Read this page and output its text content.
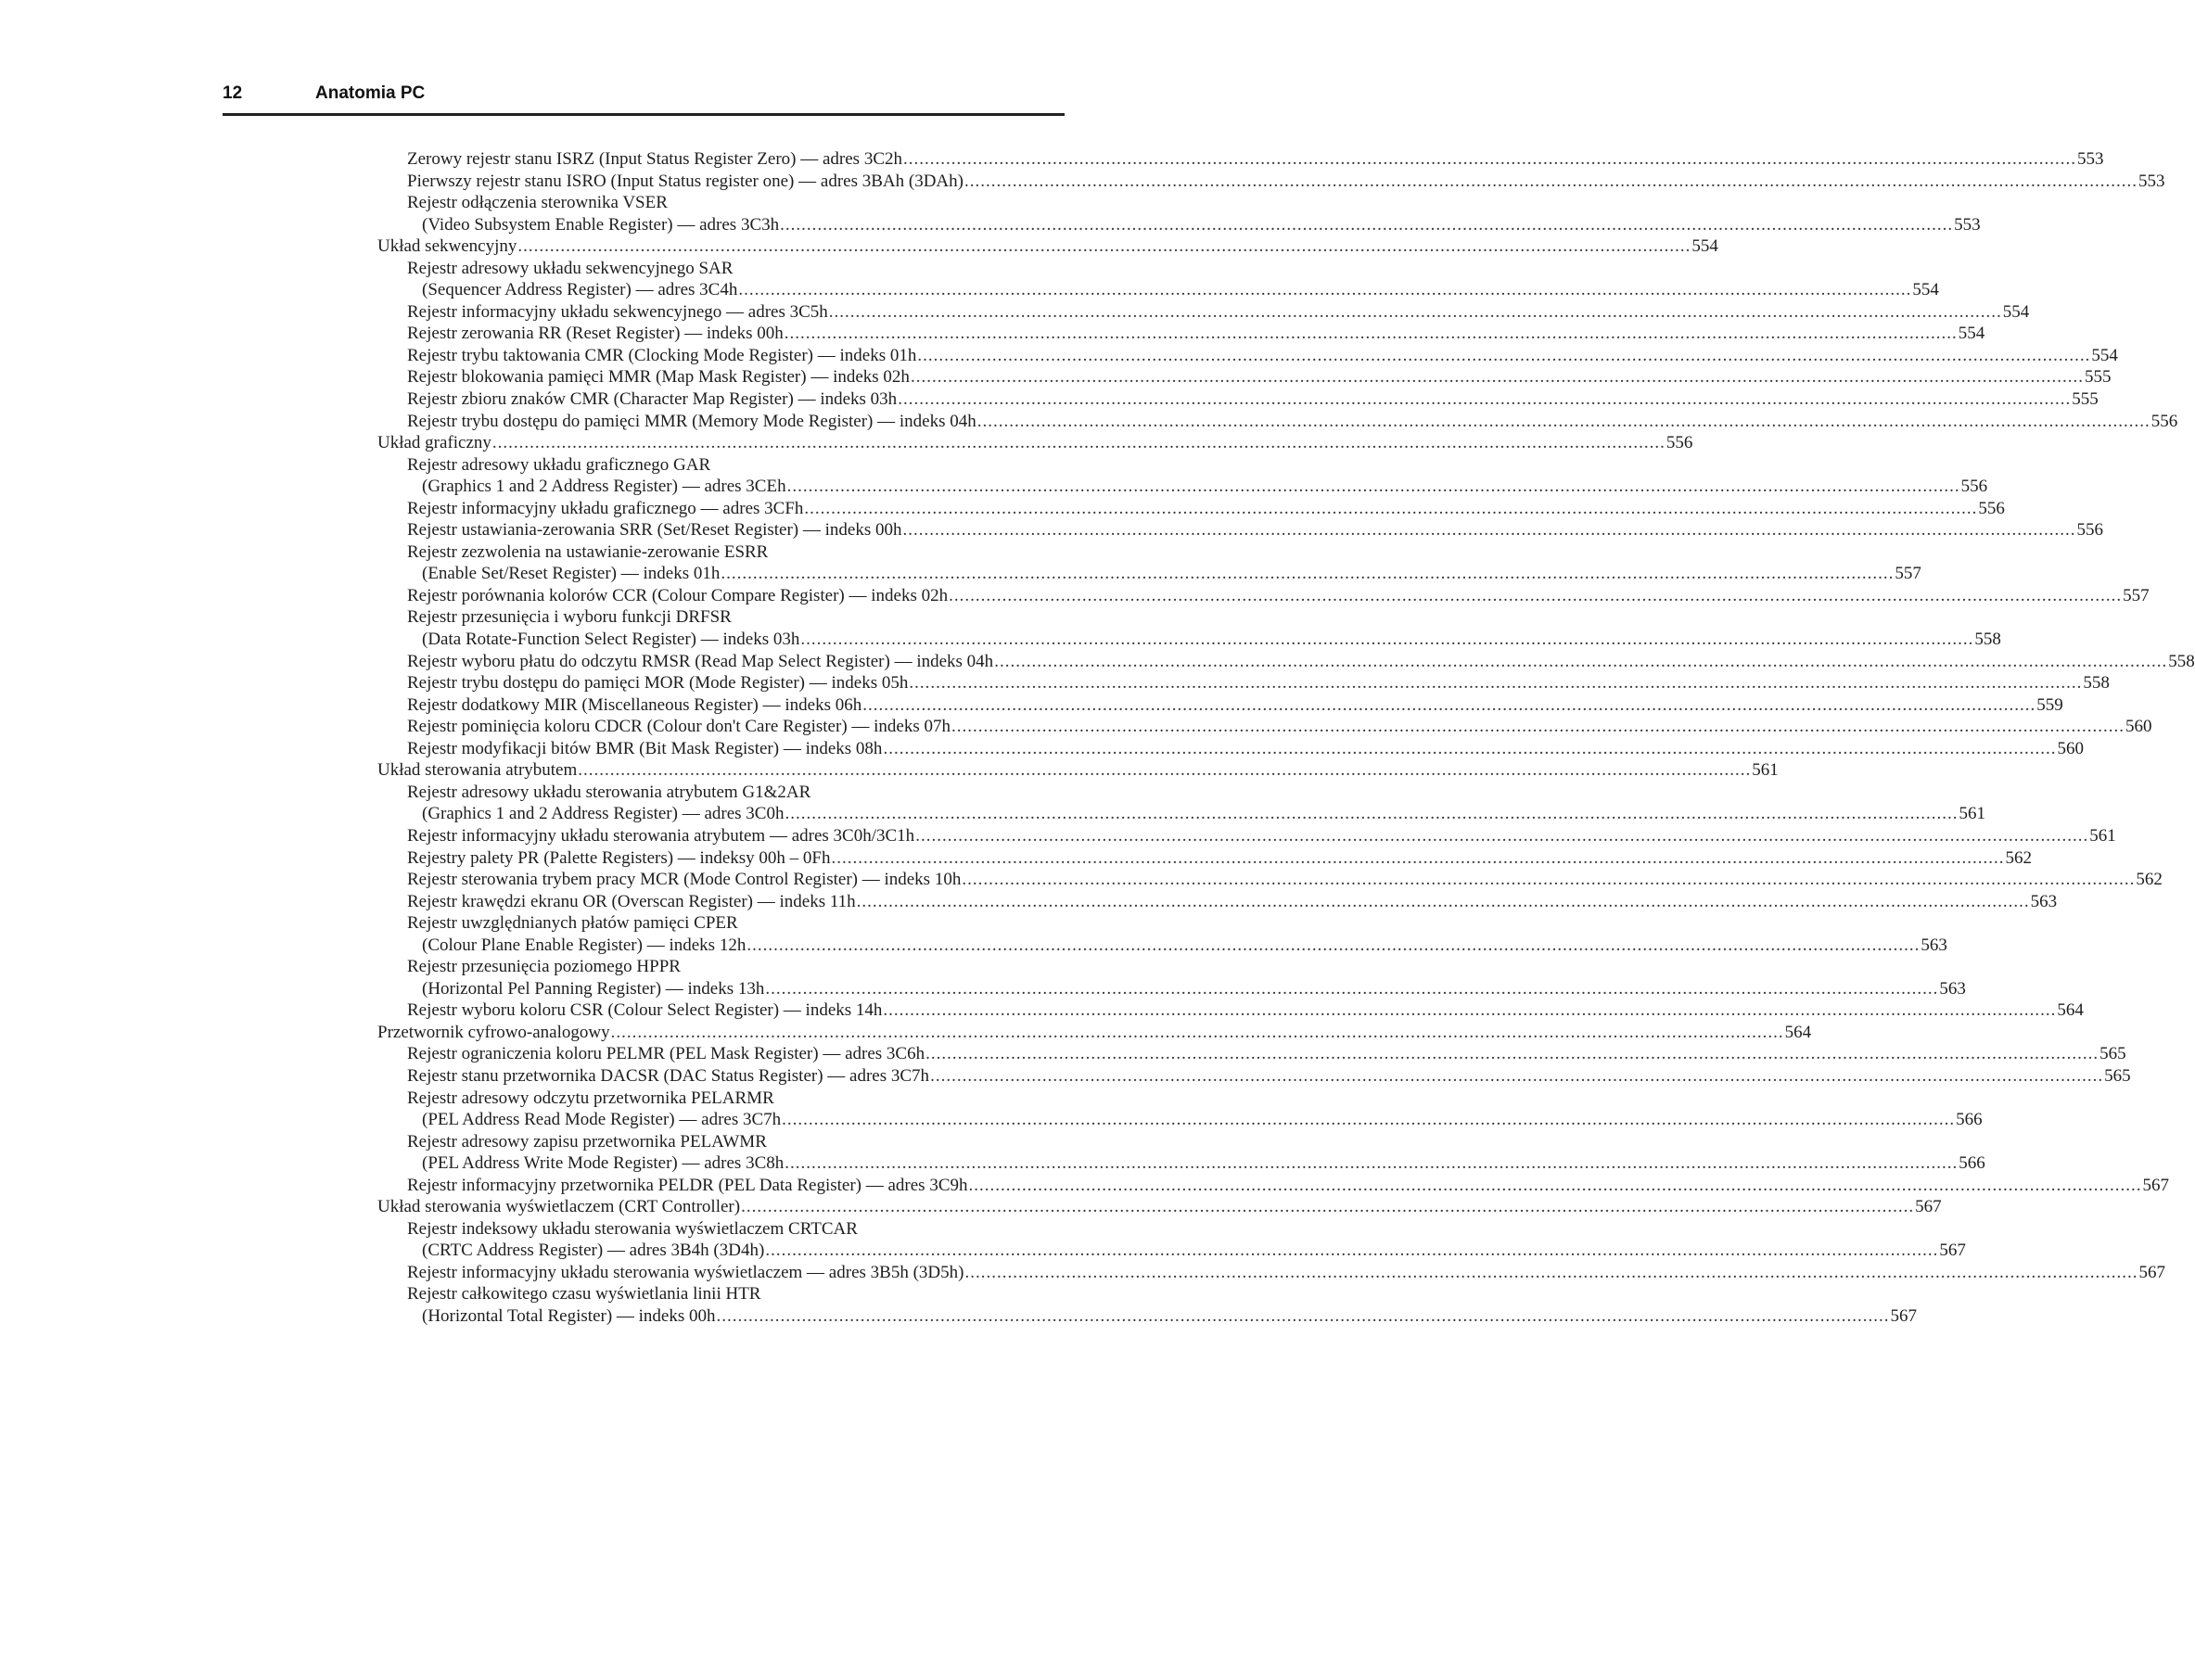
12	Anatomia PC
Zerowy rejestr stanu ISRZ (Input Status Register Zero) — adres 3C2h ............................................................................................................................................................................................................................ 553
Pierwszy rejestr stanu ISRO (Input Status register one) — adres 3BAh (3DAh) ............................................................................................................................................................................................................................ 553
Rejestr odłączenia sterownika VSER
(Video Subsystem Enable Register) — adres 3C3h ............................................................................................................................................................................................................................ 553
Układ sekwencyjny ............................................................................................................................................................................................................................ 554
Rejestr adresowy układu sekwencyjnego SAR
(Sequencer Address Register) — adres 3C4h ............................................................................................................................................................................................................................ 554
Rejestr informacyjny układu sekwencyjnego — adres 3C5h ............................................................................................................................................................................................................................ 554
Rejestr zerowania RR (Reset Register) — indeks 00h ............................................................................................................................................................................................................................ 554
Rejestr trybu taktowania CMR (Clocking Mode Register) — indeks 01h ............................................................................................................................................................................................................................ 554
Rejestr blokowania pamięci MMR (Map Mask Register) — indeks 02h ............................................................................................................................................................................................................................ 555
Rejestr zbioru znaków CMR (Character Map Register) — indeks 03h ............................................................................................................................................................................................................................ 555
Rejestr trybu dostępu do pamięci MMR (Memory Mode Register) — indeks 04h ............................................................................................................................................................................................................................ 556
Układ graficzny ............................................................................................................................................................................................................................ 556
Rejestr adresowy układu graficznego GAR
(Graphics 1 and 2 Address Register) — adres 3CEh ............................................................................................................................................................................................................................ 556
Rejestr informacyjny układu graficznego — adres 3CFh ............................................................................................................................................................................................................................ 556
Rejestr ustawiania-zerowania SRR (Set/Reset Register) — indeks 00h ............................................................................................................................................................................................................................ 556
Rejestr zezwolenia na ustawianie-zerowanie ESRR
(Enable Set/Reset Register) — indeks 01h ............................................................................................................................................................................................................................ 557
Rejestr porównania kolorów CCR (Colour Compare Register) — indeks 02h ............................................................................................................................................................................................................................ 557
Rejestr przesunięcia i wyboru funkcji DRFSR
(Data Rotate-Function Select Register) — indeks 03h ............................................................................................................................................................................................................................ 558
Rejestr wyboru płatu do odczytu RMSR (Read Map Select Register) — indeks 04h ............................................................................................................................................................................................................................ 558
Rejestr trybu dostępu do pamięci MOR (Mode Register) — indeks 05h ............................................................................................................................................................................................................................ 558
Rejestr dodatkowy MIR (Miscellaneous Register) — indeks 06h ............................................................................................................................................................................................................................ 559
Rejestr pominięcia koloru CDCR (Colour don't Care Register) — indeks 07h ............................................................................................................................................................................................................................ 560
Rejestr modyfikacji bitów BMR (Bit Mask Register) — indeks 08h ............................................................................................................................................................................................................................ 560
Układ sterowania atrybutem ............................................................................................................................................................................................................................ 561
Rejestr adresowy układu sterowania atrybutem G1&2AR
(Graphics 1 and 2 Address Register) — adres 3C0h ............................................................................................................................................................................................................................ 561
Rejestr informacyjny układu sterowania atrybutem — adres 3C0h/3C1h ............................................................................................................................................................................................................................ 561
Rejestry palety PR (Palette Registers) — indeksy 00h – 0Fh ............................................................................................................................................................................................................................ 562
Rejestr sterowania trybem pracy MCR (Mode Control Register) — indeks 10h ............................................................................................................................................................................................................................ 562
Rejestr krawędzi ekranu OR (Overscan Register) — indeks 11h ............................................................................................................................................................................................................................ 563
Rejestr uwzględnianych płatów pamięci CPER
(Colour Plane Enable Register) — indeks 12h ............................................................................................................................................................................................................................ 563
Rejestr przesunięcia poziomego HPPR
(Horizontal Pel Panning Register) — indeks 13h ............................................................................................................................................................................................................................ 563
Rejestr wyboru koloru CSR (Colour Select Register) — indeks 14h ............................................................................................................................................................................................................................ 564
Przetwornik cyfrowo-analogowy ............................................................................................................................................................................................................................ 564
Rejestr ograniczenia koloru PELMR (PEL Mask Register) — adres 3C6h ............................................................................................................................................................................................................................ 565
Rejestr stanu przetwornika DACSR (DAC Status Register) — adres 3C7h ............................................................................................................................................................................................................................ 565
Rejestr adresowy odczytu przetwornika PELARMR
(PEL Address Read Mode Register) — adres 3C7h ............................................................................................................................................................................................................................ 566
Rejestr adresowy zapisu przetwornika PELAWMR
(PEL Address Write Mode Register) — adres 3C8h ............................................................................................................................................................................................................................ 566
Rejestr informacyjny przetwornika PELDR (PEL Data Register) — adres 3C9h ............................................................................................................................................................................................................................ 567
Układ sterowania wyświetlaczem (CRT Controller) ............................................................................................................................................................................................................................ 567
Rejestr indeksowy układu sterowania wyświetlaczem CRTCAR
(CRTC Address Register) — adres 3B4h (3D4h) ............................................................................................................................................................................................................................ 567
Rejestr informacyjny układu sterowania wyświetlaczem — adres 3B5h (3D5h) ............................................................................................................................................................................................................................ 567
Rejestr całkowitego czasu wyświetlania linii HTR
(Horizontal Total Register) — indeks 00h ............................................................................................................................................................................................................................ 567
